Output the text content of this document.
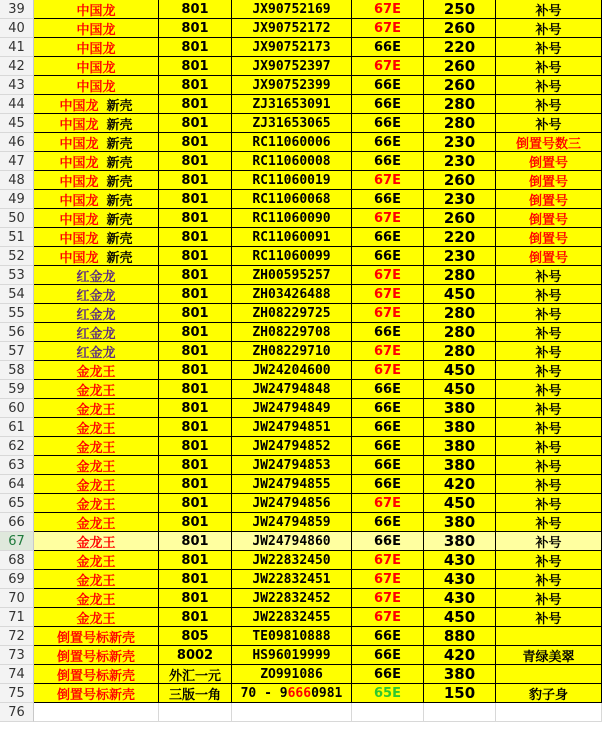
39	中国龙	801	JX90752169	67E	250	补号
40	中国龙	801	JX90752172	67E	260	补号
41	中国龙	801	JX90752173	66E	220	补号
42	中国龙	801	JX90752397	67E	260	补号
43	中国龙	801	JX90752399	66E	260	补号
44	中国龙 新壳	801	ZJ31653091	66E	280	补号
45	中国龙 新壳	801	ZJ31653065	66E	280	补号
46	中国龙 新壳	801	RC11060006	66E	230	倒置号数三
47	中国龙 新壳	801	RC11060008	66E	230	倒置号
48	中国龙 新壳	801	RC11060019	67E	260	倒置号
49	中国龙 新壳	801	RC11060068	66E	230	倒置号
50	中国龙 新壳	801	RC11060090	67E	260	倒置号
51	中国龙 新壳	801	RC11060091	66E	220	倒置号
52	中国龙 新壳	801	RC11060099	66E	230	倒置号
53	红金龙	801	ZH00595257	67E	280	补号
54	红金龙	801	ZH03426488	67E	450	补号
55	红金龙	801	ZH08229725	67E	280	补号
56	红金龙	801	ZH08229708	66E	280	补号
57	红金龙	801	ZH08229710	67E	280	补号
58	金龙王	801	JW24204600	67E	450	补号
59	金龙王	801	JW24794848	66E	450	补号
60	金龙王	801	JW24794849	66E	380	补号
61	金龙王	801	JW24794851	66E	380	补号
62	金龙王	801	JW24794852	66E	380	补号
63	金龙王	801	JW24794853	66E	380	补号
64	金龙王	801	JW24794855	66E	420	补号
65	金龙王	801	JW24794856	67E	450	补号
66	金龙王	801	JW24794859	66E	380	补号
67	金龙王	801	JW24794860	66E	380	补号
68	金龙王	801	JW22832450	67E	430	补号
69	金龙王	801	JW22832451	67E	430	补号
70	金龙王	801	JW22832452	67E	430	补号
71	金龙王	801	JW22832455	67E	450	补号
72	倒置号标新壳	805	TE09810888	66E	880
73	倒置号标新壳	8002	HS96019999	66E	420	青绿美翠
74	倒置号标新壳	外汇一元	ZO991086	66E	380
75	倒置号标新壳	三版一角	70 - 9 666 0981	65E	150	豹子身
76
